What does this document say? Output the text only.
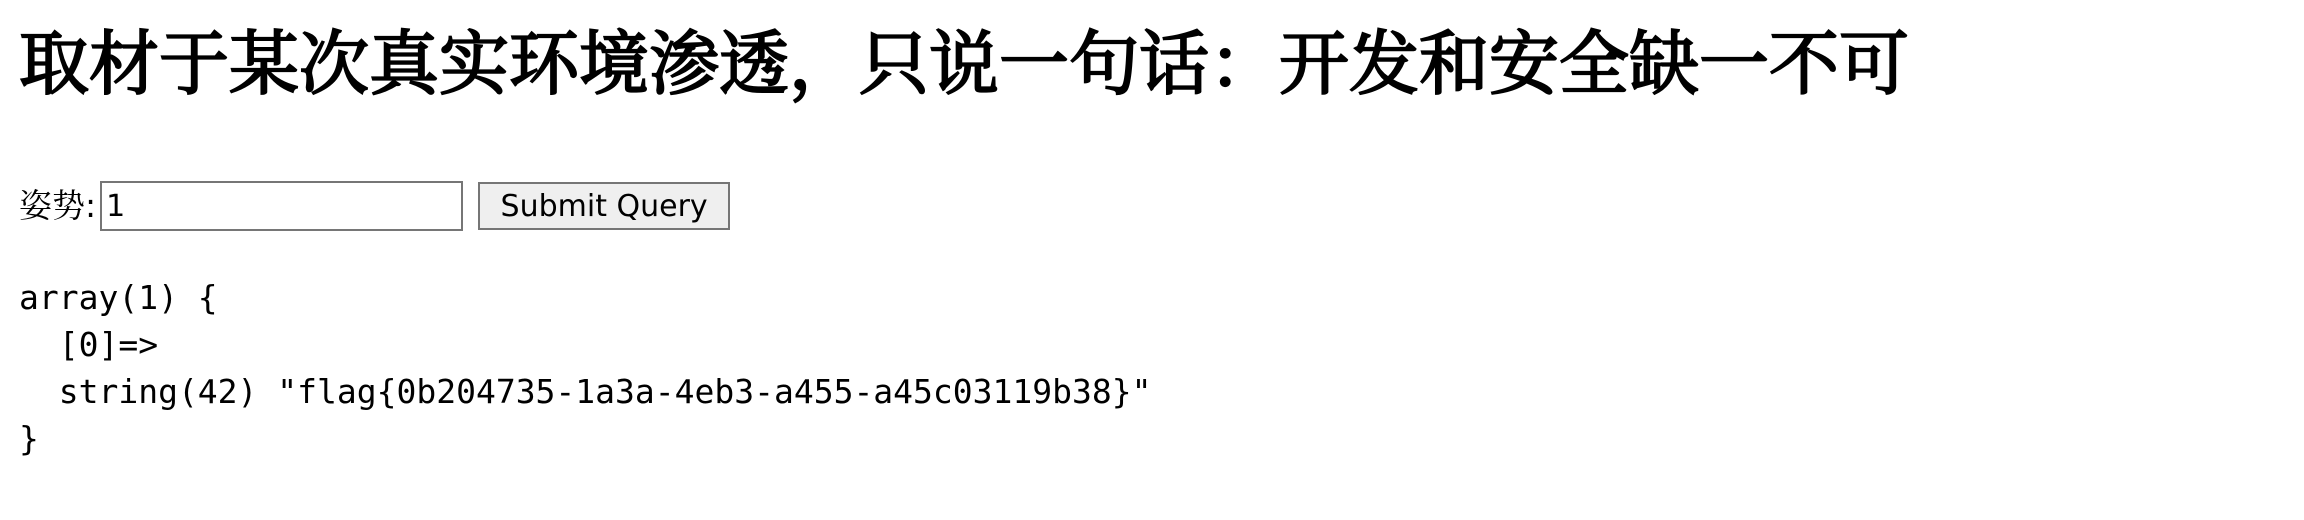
取材于某次真实环境渗透，只说一句话：开发和安全缺一不可
姿势:
1	Submit Query
array(1) {
[0]=>
string(42) "flag{0b204735-1a3a-4eb3-a455-a45c03119b38}"
}
